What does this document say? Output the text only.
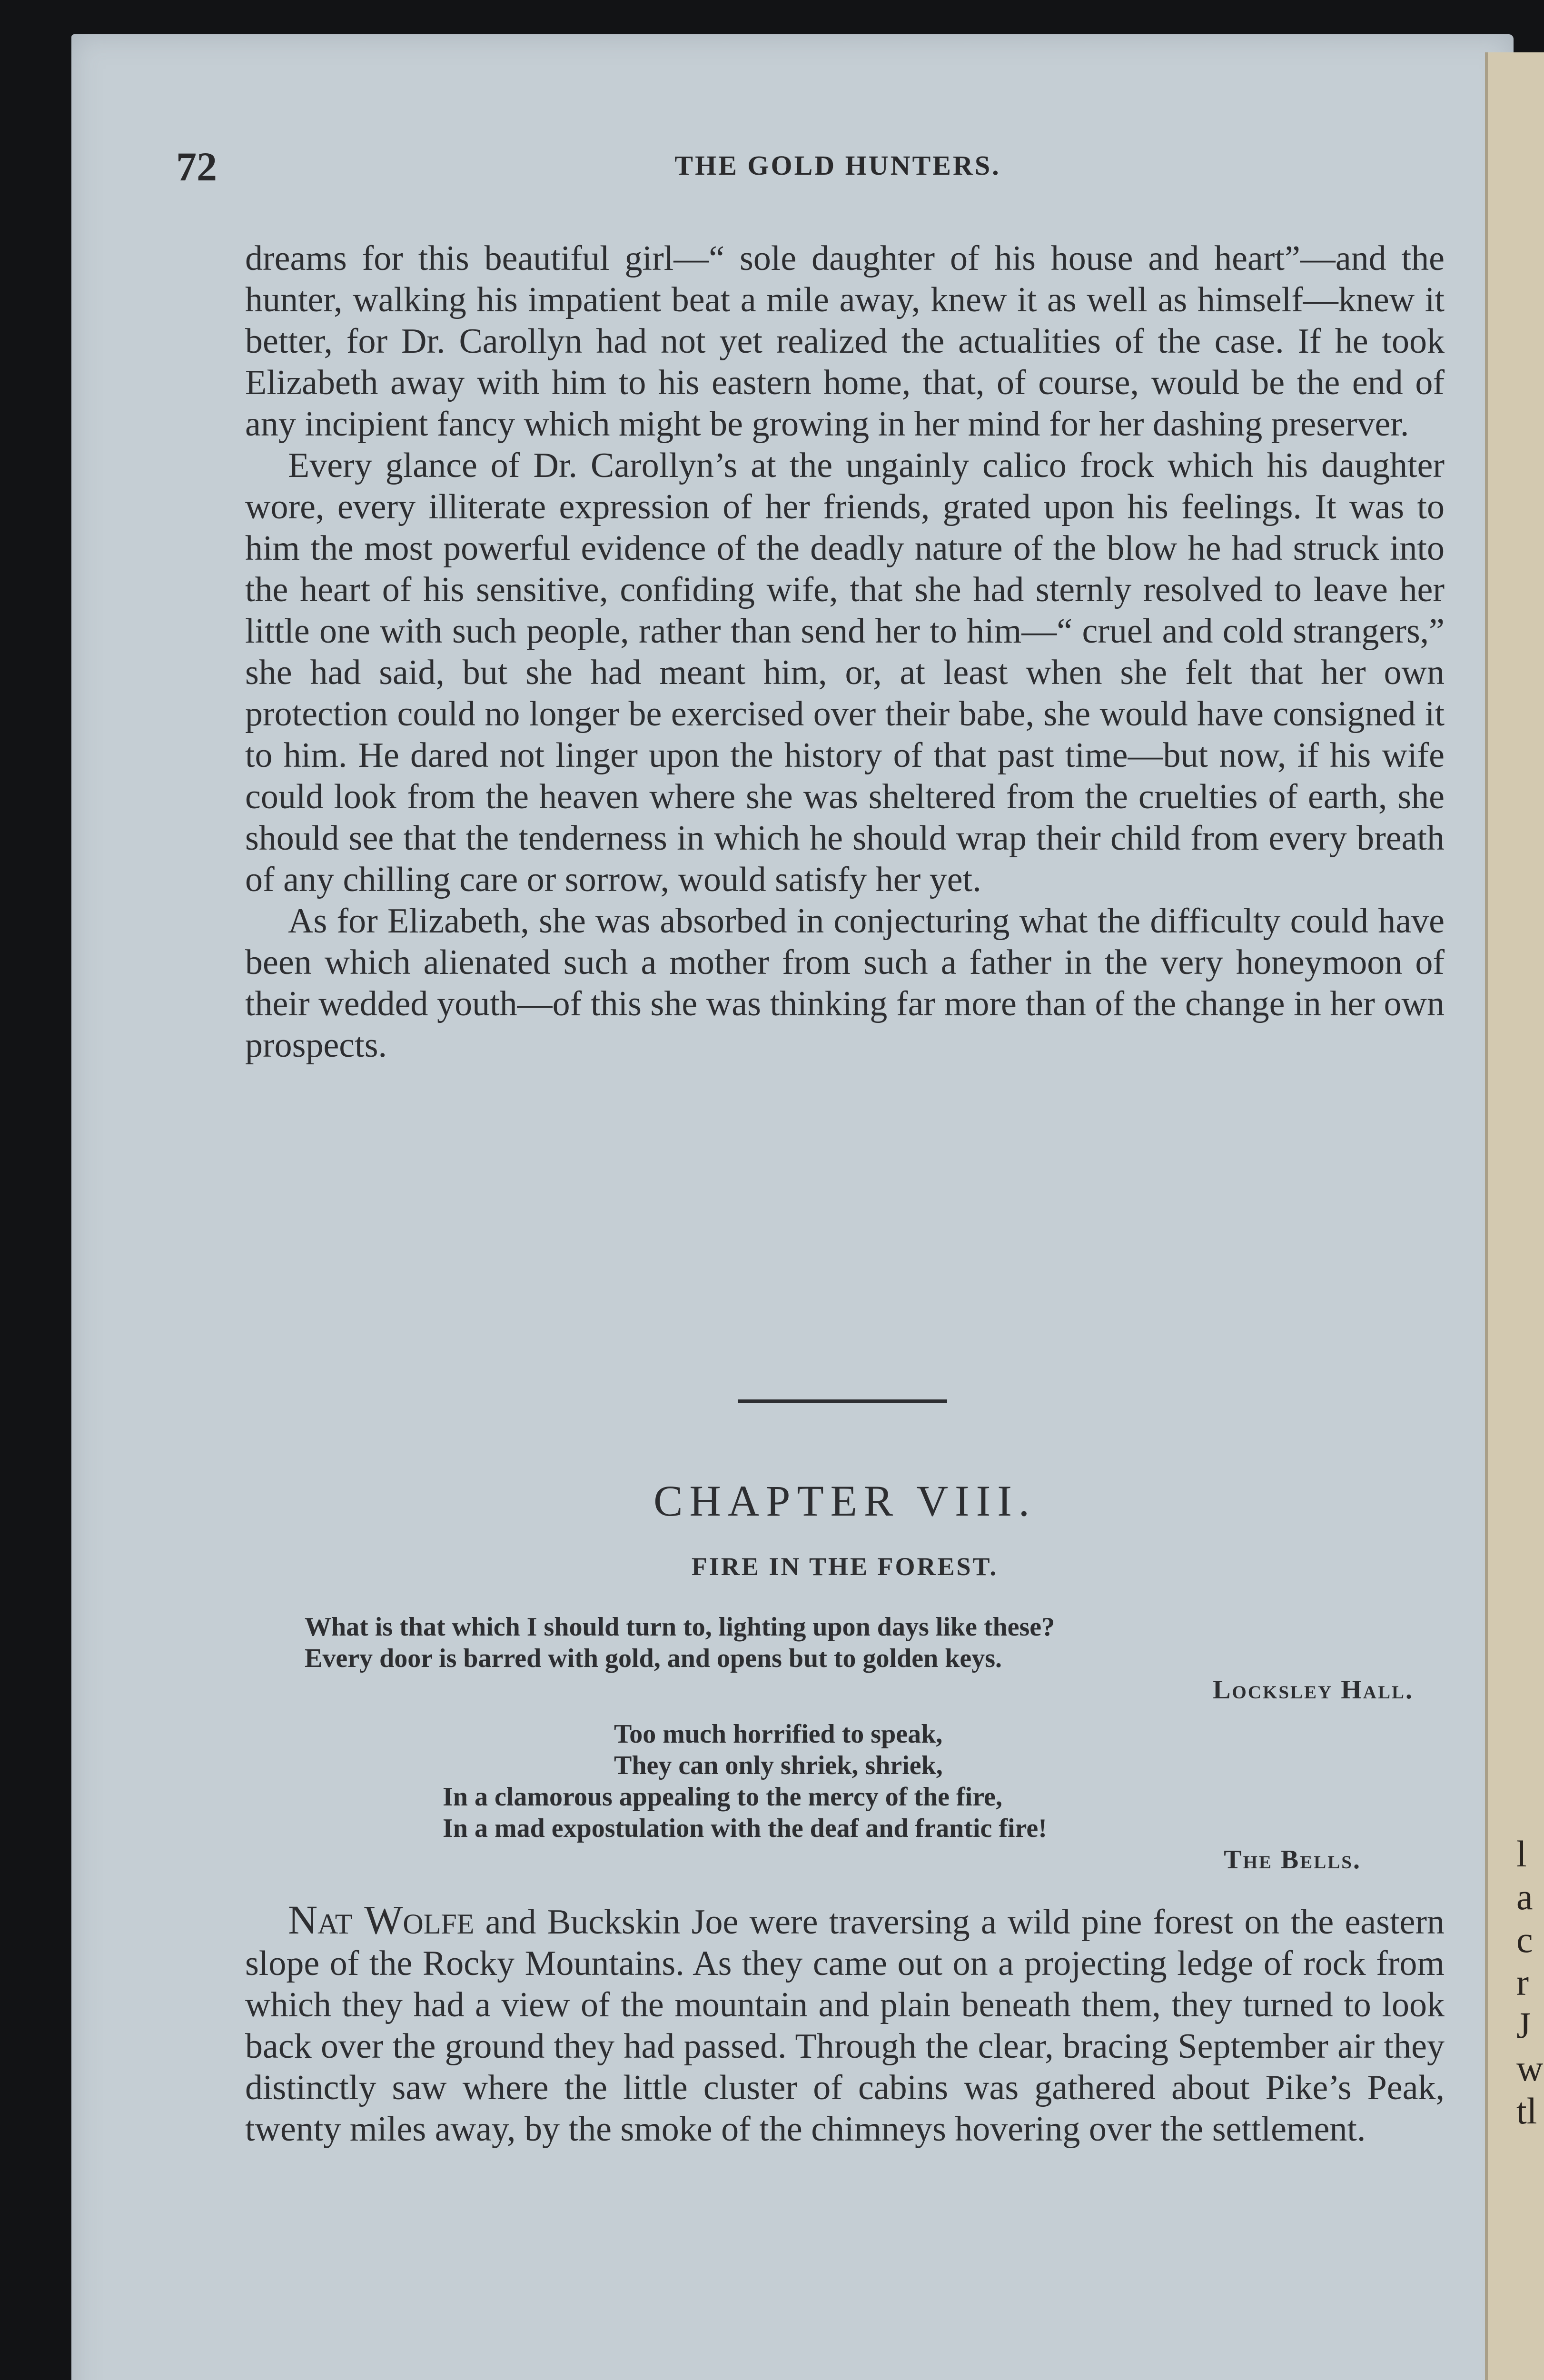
l
a
c
r
J
w
tl
72	THE GOLD HUNTERS.

dreams for this beautiful girl—“ sole daughter of his house and heart”—and the hunter, walking his impatient beat a mile away, knew it as well as himself—knew it better, for Dr. Carollyn had not yet realized the actualities of the case. If he took Elizabeth away with him to his eastern home, that, of course, would be the end of any incipient fancy which might be growing in her mind for her dashing preserver.

Every glance of Dr. Carollyn’s at the ungainly calico frock which his daughter wore, every illiterate expression of her friends, grated upon his feelings. It was to him the most powerful evidence of the deadly nature of the blow he had struck into the heart of his sensitive, confiding wife, that she had sternly resolved to leave her little one with such people, rather than send her to him—“ cruel and cold strangers,” she had said, but she had meant him, or, at least when she felt that her own protection could no longer be exercised over their babe, she would have consigned it to him. He dared not linger upon the history of that past time—but now, if his wife could look from the heaven where she was sheltered from the cruelties of earth, she should see that the tenderness in which he should wrap their child from every breath of any chilling care or sorrow, would satisfy her yet.

As for Elizabeth, she was absorbed in conjecturing what the difficulty could have been which alienated such a mother from such a father in the very honeymoon of their wedded youth—of this she was thinking far more than of the change in her own prospects.

CHAPTER VIII.
FIRE IN THE FOREST.
What is that which I should turn to, lighting upon days like these?
Every door is barred with gold, and opens but to golden keys.
Locksley Hall.
Too much horrified to speak,
They can only shriek, shriek,
In a clamorous appealing to the mercy of the fire,
In a mad expostulation with the deaf and frantic fire!
The Bells.

Nat Wolfe and Buckskin Joe were traversing a wild pine forest on the eastern slope of the Rocky Mountains. As they came out on a projecting ledge of rock from which they had a view of the mountain and plain beneath them, they turned to look back over the ground they had passed. Through the clear, bracing September air they distinctly saw where the little cluster of cabins was gathered about Pike’s Peak, twenty miles away, by the smoke of the chimneys hovering over the settlement.
